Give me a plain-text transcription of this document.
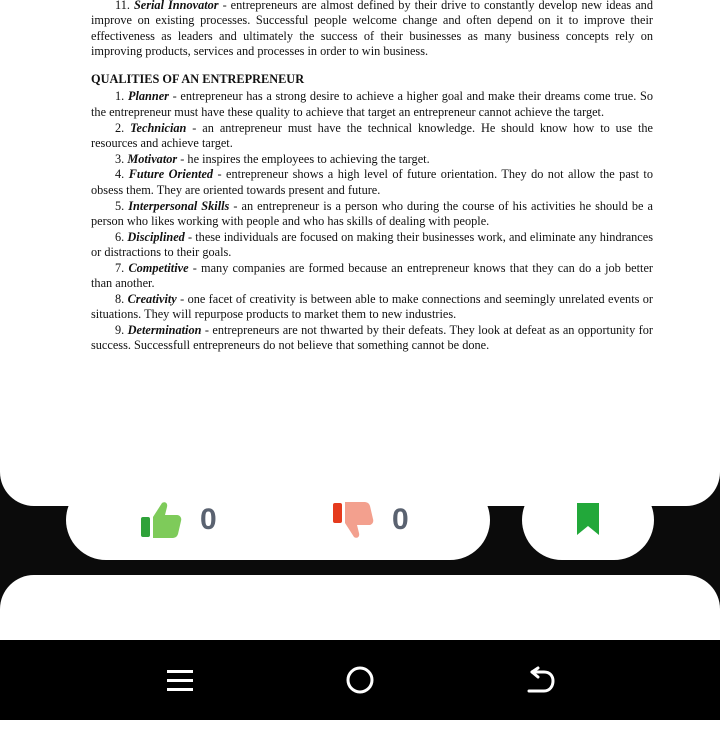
11. Serial Innovator - entrepreneurs are almost defined by their drive to constantly develop new ideas and improve on existing processes. Successful people welcome change and often depend on it to improve their effectiveness as leaders and ultimately the success of their businesses as many business concepts rely on improving products, services and processes in order to win business.

QUALITIES OF AN ENTREPRENEUR

1. Planner - entrepreneur has a strong desire to achieve a higher goal and make their dreams come true. So the entrepreneur must have these quality to achieve that target an entrepreneur cannot achieve the target.

2. Technician - an antrepreneur must have the technical knowledge. He should know how to use the resources and achieve target.

3. Motivator - he inspires the employees to achieving the target.

4. Future Oriented - entrepreneur shows a high level of future orientation. They do not allow the past to obsess them. They are oriented towards present and future.

5. Interpersonal Skills - an entrepreneur is a person who during the course of his activities he should be a person who likes working with people and who has skills of dealing with people.

6. Disciplined - these individuals are focused on making their businesses work, and eliminate any hindrances or distractions to their goals.

7. Competitive - many companies are formed because an entrepreneur knows that they can do a job better than another.

8. Creativity - one facet of creativity is between able to make connections and seemingly unrelated events or situations. They will repurpose products to market them to new industries.

9. Determination - entrepreneurs are not thwarted by their defeats. They look at defeat as an opportunity for success. Successfull entrepreneurs do not believe that something cannot be done.

0	0
